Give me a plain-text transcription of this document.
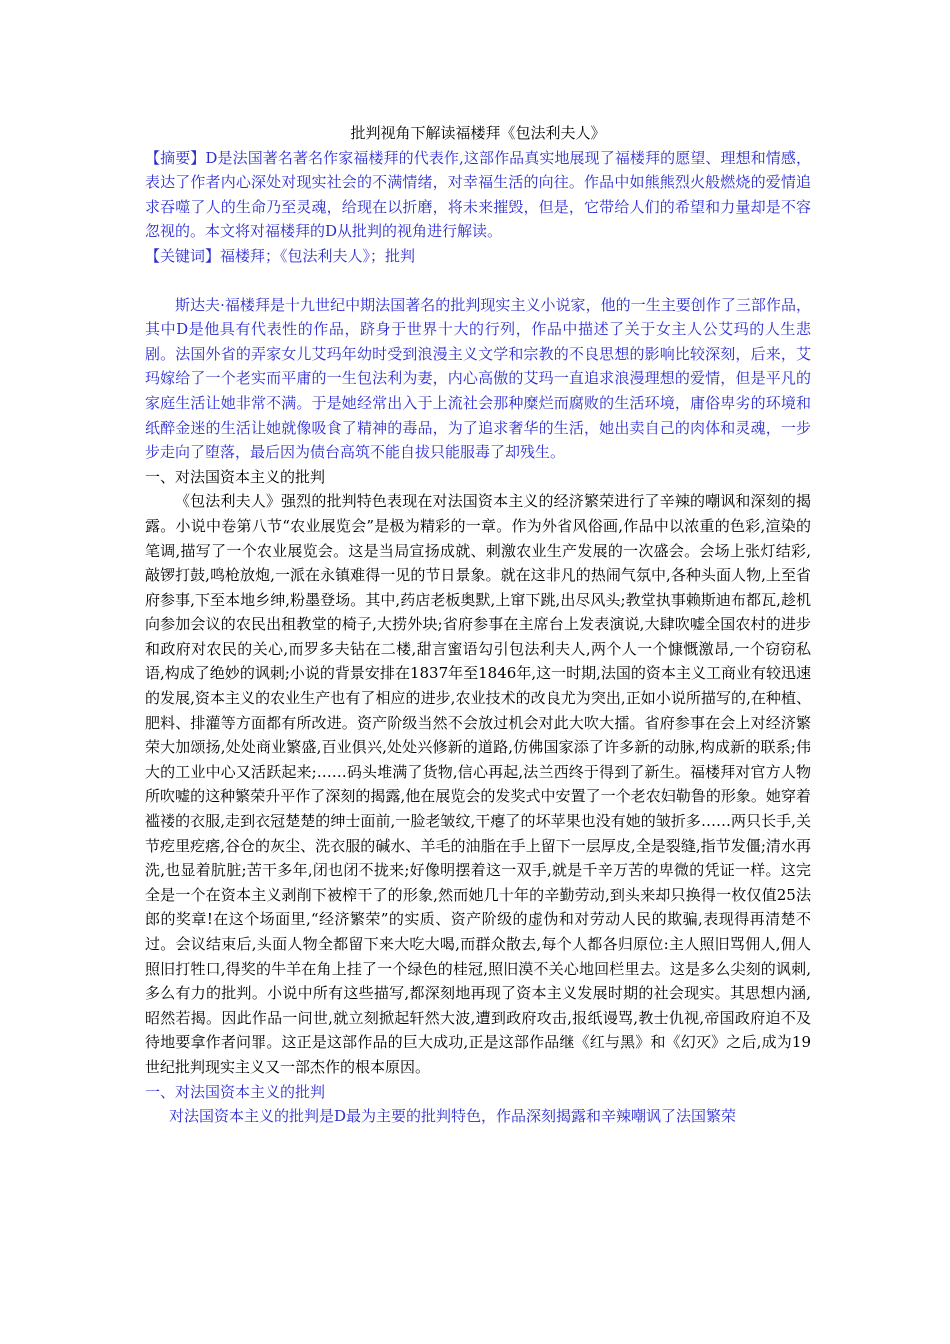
批判视角下解读福楼拜《包法利夫人》

【摘要】D是法国著名著名作家福楼拜的代表作,这部作品真实地展现了福楼拜的愿望、理想和情感，表达了作者内心深处对现实社会的不满情绪，对幸福生活的向往。作品中如熊熊烈火般燃烧的爱情追求吞噬了人的生命乃至灵魂，给现在以折磨，将未来摧毁，但是，它带给人们的希望和力量却是不容忽视的。本文将对福楼拜的D从批判的视角进行解读。

【关键词】福楼拜；《包法利夫人》；批判

斯达夫·福楼拜是十九世纪中期法国著名的批判现实主义小说家，他的一生主要创作了三部作品，其中D是他具有代表性的作品，跻身于世界十大的行列，作品中描述了关于女主人公艾玛的人生悲剧。法国外省的弄家女儿艾玛年幼时受到浪漫主义文学和宗教的不良思想的影响比较深刻，后来，艾玛嫁给了一个老实而平庸的一生包法利为妻，内心高傲的艾玛一直追求浪漫理想的爱情，但是平凡的家庭生活让她非常不满。于是她经常出入于上流社会那种糜烂而腐败的生活环境，庸俗卑劣的环境和纸醉金迷的生活让她就像吸食了精神的毒品，为了追求奢华的生活，她出卖自己的肉体和灵魂，一步步走向了堕落，最后因为债台高筑不能自拔只能服毒了却残生。

一、对法国资本主义的批判

《包法利夫人》强烈的批判特色表现在对法国资本主义的经济繁荣进行了辛辣的嘲讽和深刻的揭露。小说中卷第八节“农业展览会”是极为精彩的一章。作为外省风俗画,作品中以浓重的色彩,渲染的笔调,描写了一个农业展览会。这是当局宣扬成就、刺激农业生产发展的一次盛会。会场上张灯结彩,敲锣打鼓,鸣枪放炮,一派在永镇难得一见的节日景象。就在这非凡的热闹气氛中,各种头面人物,上至省府参事,下至本地乡绅,粉墨登场。其中,药店老板奥默,上窜下跳,出尽风头;教堂执事赖斯迪布都瓦,趁机向参加会议的农民出租教堂的椅子,大捞外块;省府参事在主席台上发表演说,大肆吹嘘全国农村的进步和政府对农民的关心,而罗多夫钻在二楼,甜言蜜语勾引包法利夫人,两个人一个慷慨激昂,一个窃窃私语,构成了绝妙的讽刺;小说的背景安排在1837年至1846年,这一时期,法国的资本主义工商业有较迅速的发展,资本主义的农业生产也有了相应的进步,农业技术的改良尤为突出,正如小说所描写的,在种植、肥料、排灌等方面都有所改进。资产阶级当然不会放过机会对此大吹大擂。省府参事在会上对经济繁荣大加颂扬,处处商业繁盛,百业俱兴,处处兴修新的道路,仿佛国家添了许多新的动脉,构成新的联系;伟大的工业中心又活跃起来;……码头堆满了货物,信心再起,法兰西终于得到了新生。福楼拜对官方人物所吹嘘的这种繁荣升平作了深刻的揭露,他在展览会的发奖式中安置了一个老农妇勒鲁的形象。她穿着褴褛的衣服,走到衣冠楚楚的绅士面前,一脸老皱纹,干瘪了的坏苹果也没有她的皱折多……两只长手,关节疙里疙瘩,谷仓的灰尘、洗衣服的碱水、羊毛的油脂在手上留下一层厚皮,全是裂缝,指节发僵;清水再洗,也显着肮脏;苦干多年,闭也闭不拢来;好像明摆着这一双手,就是千辛万苦的卑微的凭证一样。这完全是一个在资本主义剥削下被榨干了的形象,然而她几十年的辛勤劳动,到头来却只换得一枚仅值25法郎的奖章!在这个场面里,“经济繁荣”的实质、资产阶级的虚伪和对劳动人民的欺骗,表现得再清楚不过。会议结束后,头面人物全都留下来大吃大喝,而群众散去,每个人都各归原位:主人照旧骂佣人,佣人照旧打牲口,得奖的牛羊在角上挂了一个绿色的桂冠,照旧漠不关心地回栏里去。这是多么尖刻的讽刺,多么有力的批判。小说中所有这些描写,都深刻地再现了资本主义发展时期的社会现实。其思想内涵,昭然若揭。因此作品一问世,就立刻掀起轩然大波,遭到政府攻击,报纸谩骂,教士仇视,帝国政府迫不及待地要拿作者问罪。这正是这部作品的巨大成功,正是这部作品继《红与黑》和《幻灭》之后,成为19世纪批判现实主义又一部杰作的根本原因。

一、对法国资本主义的批判

对法国资本主义的批判是D最为主要的批判特色，作品深刻揭露和辛辣嘲讽了法国繁荣
